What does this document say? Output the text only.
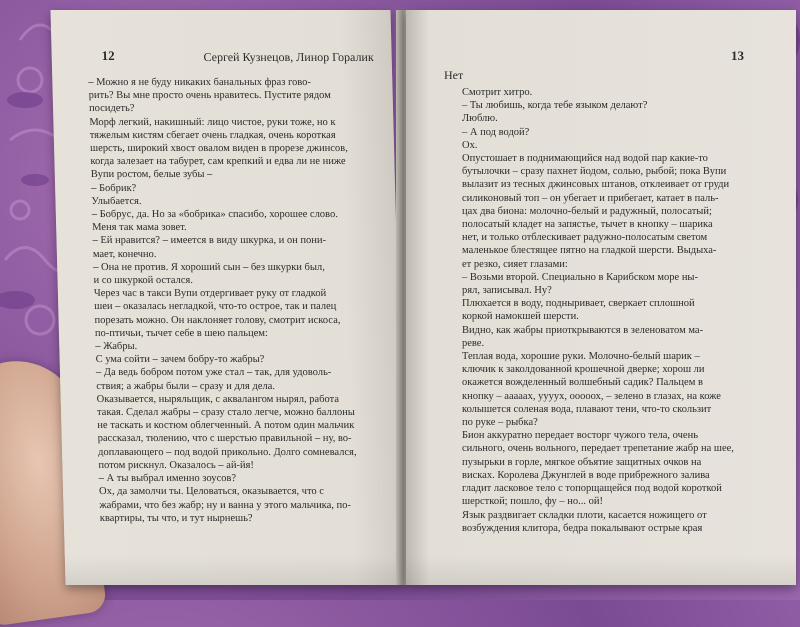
12	Сергей Кузнецов, Линор Горалик

– Можно я не буду никаких банальных фраз гово-

рить? Вы мне просто очень нравитесь. Пустите рядом

посидеть?

Морф легкий, накишный: лицо чистое, руки тоже, но к

тяжелым кистям сбегает очень гладкая, очень короткая

шерсть, широкий хвост овалом виден в прорезе джинсов,

когда залезает на табурет, сам крепкий и едва ли не ниже

Вупи ростом, белые зубы –

– Бобрик?

Улыбается.

– Бобрус, да. Но за «бобрика» спасибо, хорошее слово.

Меня так мама зовет.

– Ей нравится? – имеется в виду шкурка, и он пони-

мает, конечно.

– Она не против. Я хороший сын – без шкурки был,

и со шкуркой остался.

Через час в такси Вупи отдергивает руку от гладкой

шеи – оказалась негладкой, что-то острое, так и палец

порезать можно. Он наклоняет голову, смотрит искоса,

по-птичьи, тычет себе в шею пальцем:

– Жабры.

С ума сойти – зачем бобру-то жабры?

– Да ведь бобром потом уже стал – так, для удоволь-

ствия; а жабры были – сразу и для дела.

Оказывается, ныряльщик, с аквалангом нырял, работа

такая. Сделал жабры – сразу стало легче, можно баллоны

не таскать и костюм облегченный. А потом один мальчик

рассказал, тюлению, что с шерстью правильной – ну, во-

доплавающего – под водой прикольно. Долго сомневался,

потом рискнул. Оказалось – ай-йя!

– А ты выбрал именно зоусов?

Ох, да замолчи ты. Целоваться, оказывается, что с

жабрами, что без жабр; ну и ванна у этого мальчика, по-

квартиры, ты что, и тут нырнешь?

13
Нет

Смотрит хитро.

– Ты любишь, когда тебе языком делают?

Люблю.

– А под водой?

Ох.

Опустошает в поднимающийся над водой пар какие-то

бутылочки – сразу пахнет йодом, солью, рыбой; пока Вупи

вылазит из тесных джинсовых штанов, отклеивает от груди

силиконовый топ – он убегает и прибегает, катает в паль-

цах два биона: молочно-белый и радужный, полосатый;

полосатый кладет на запястье, тычет в кнопку – шарика

нет, и только отблескивает радужно-полосатым светом

маленькое блестящее пятно на гладкой шерсти. Выдыха-

ет резко, сияет глазами:

– Возьми второй. Специально в Карибском море ны-

рял, записывал. Ну?

Плюхается в воду, подныривает, сверкает сплошной

коркой намокшей шерсти.

Видно, как жабры приоткрываются в зеленоватом ма-

реве.

Теплая вода, хорошие руки. Молочно-белый шарик –

ключик к заколдованной крошечной дверке; хорош ли

окажется вожделенный волшебный садик? Пальцем в

кнопку – аааааx, уууух, ооооох, – зелено в глазах, на коже

колышется соленая вода, плавают тени, что-то скользит

по руке – рыбка?

Бион аккуратно передает восторг чужого тела, очень

сильного, очень вольного, передает трепетание жабр на шее,

пузырьки в горле, мягкое объятие защитных очков на

висках. Королева Джунглей в воде прибрежного залива

гладит ласковое тело с топорщащейся под водой короткой

шерсткой; пошло, фу – но... ой!

Язык раздвигает складки плоти, касается ножищего от

возбуждения клитора, бедра покалывают острые края
